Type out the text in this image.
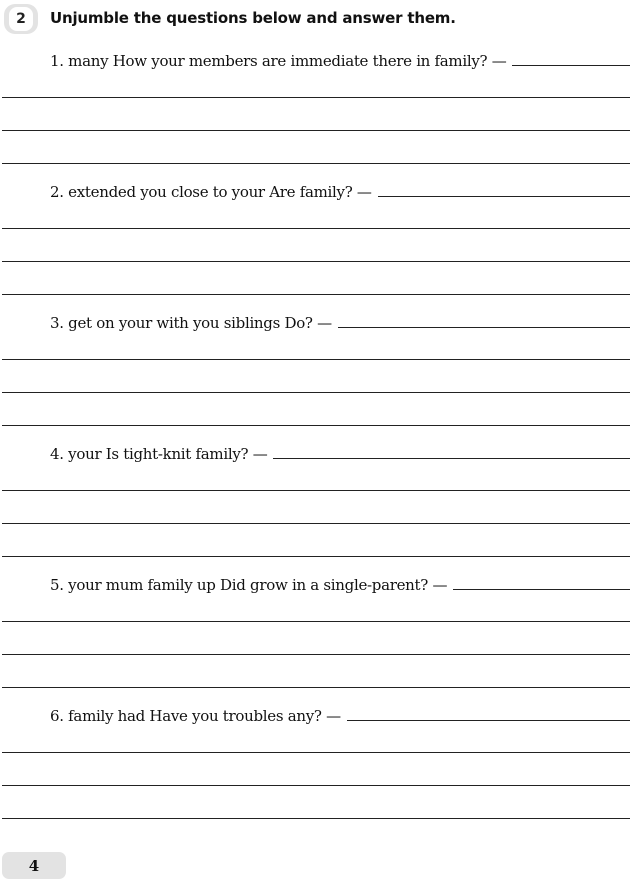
2	Unjumble the questions below and answer them.
1. many How your members are immediate there in family? —
2. extended you close to your Are family? —
3. get on your with you siblings Do? —
4. your Is tight-knit family? —
5. your mum family up Did grow in a single-parent? —
6. family had Have you troubles any? —
4
